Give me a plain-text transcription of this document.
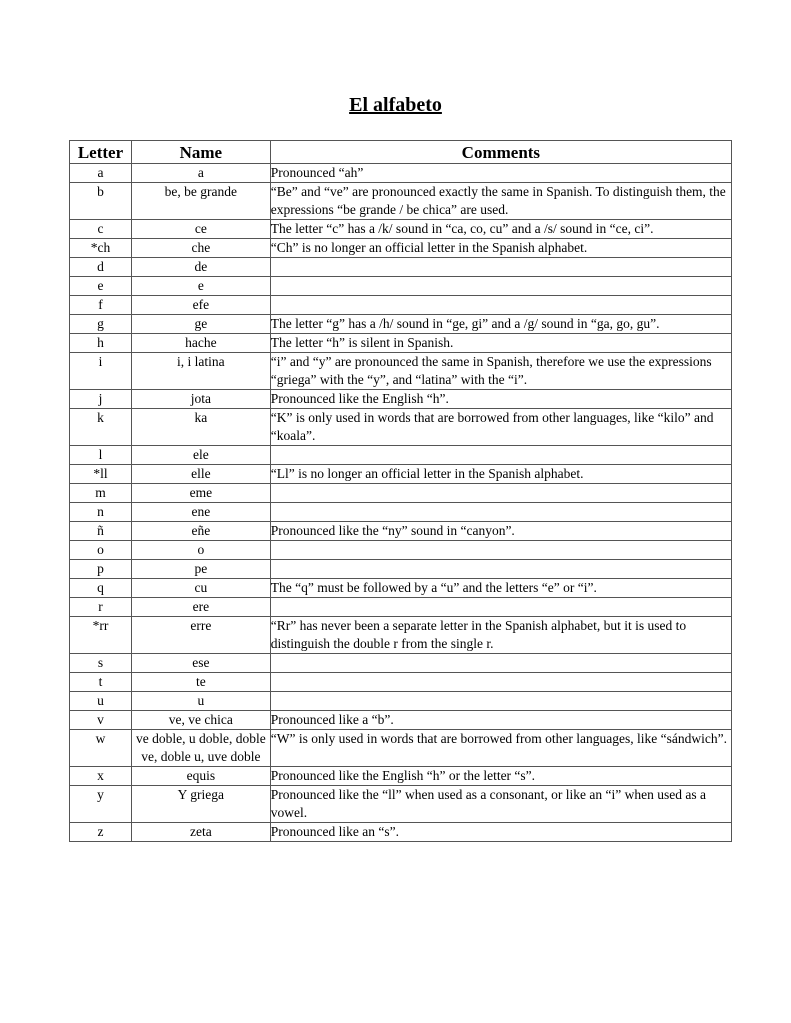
El alfabeto
Letter	Name	Comments
a	a	Pronounced “ah”
b	be, be grande	“Be” and “ve” are pronounced exactly the same in Spanish. To distinguish them, the expressions “be grande / be chica” are used.
c	ce	The letter “c” has a /k/ sound in “ca, co, cu” and a /s/ sound in “ce, ci”.
*ch	che	“Ch” is no longer an official letter in the Spanish alphabet.
d	de	
e	e	
f	efe	
g	ge	The letter “g” has a /h/ sound in “ge, gi” and a /g/ sound in “ga, go, gu”.
h	hache	The letter “h” is silent in Spanish.
i	i, i latina	“i” and “y” are pronounced the same in Spanish, therefore we use the expressions “griega” with the “y”, and “latina” with the “i”.
j	jota	Pronounced like the English “h”.
k	ka	“K” is only used in words that are borrowed from other languages, like “kilo” and “koala”.
l	ele	
*ll	elle	“Ll” is no longer an official letter in the Spanish alphabet.
m	eme	
n	ene	
ñ	eñe	Pronounced like the “ny” sound in “canyon”.
o	o	
p	pe	
q	cu	The “q” must be followed by a “u” and the letters “e” or “i”.
r	ere	
*rr	erre	“Rr” has never been a separate letter in the Spanish alphabet, but it is used to distinguish the double r from the single r.
s	ese	
t	te	
u	u	
v	ve, ve chica	Pronounced like a “b”.
w	ve doble, u doble, doble ve, doble u, uve doble	“W” is only used in words that are borrowed from other languages, like “sándwich”.
x	equis	Pronounced like the English “h” or the letter “s”.
y	Y griega	Pronounced like the “ll” when used as a consonant, or like an “i” when used as a vowel.
z	zeta	Pronounced like an “s”.
